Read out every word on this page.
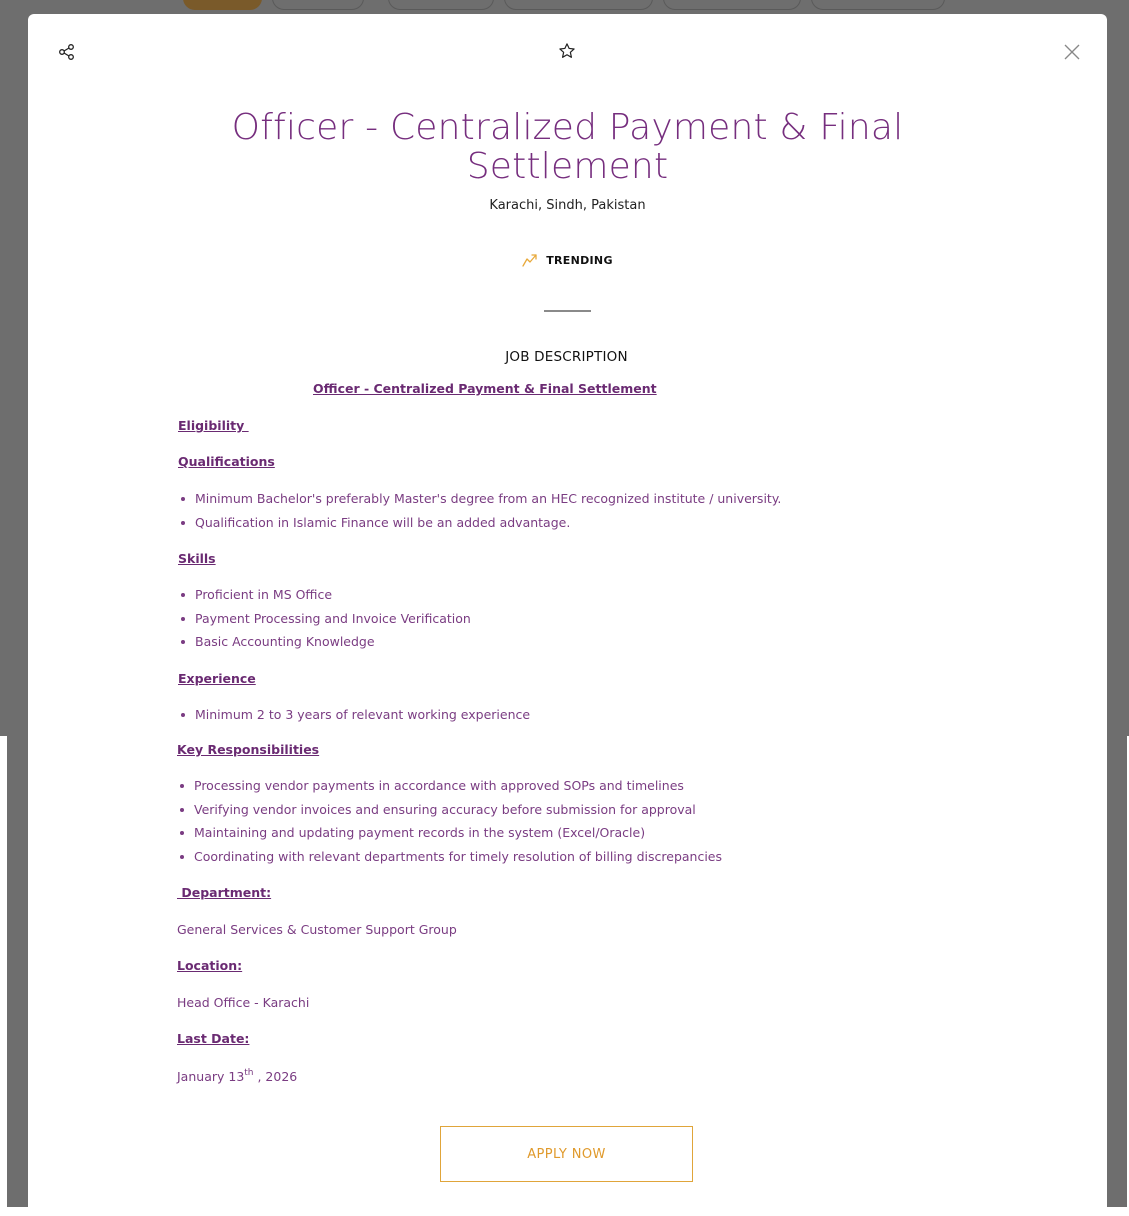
Officer - Centralized Payment & Final
Settlement
Karachi, Sindh, Pakistan
TRENDING
JOB DESCRIPTION
Officer - Centralized Payment & Final Settlement
Eligibility
Qualifications
Minimum Bachelor's preferably Master's degree from an HEC recognized institute / university.
Qualification in Islamic Finance will be an added advantage.
Skills
Proficient in MS Office
Payment Processing and Invoice Verification
Basic Accounting Knowledge
Experience
Minimum 2 to 3 years of relevant working experience
Key Responsibilities
Processing vendor payments in accordance with approved SOPs and timelines
Verifying vendor invoices and ensuring accuracy before submission for approval
Maintaining and updating payment records in the system (Excel/Oracle)
Coordinating with relevant departments for timely resolution of billing discrepancies
Department:
General Services & Customer Support Group
Location:
Head Office - Karachi
Last Date:
January 13th , 2026
APPLY NOW
